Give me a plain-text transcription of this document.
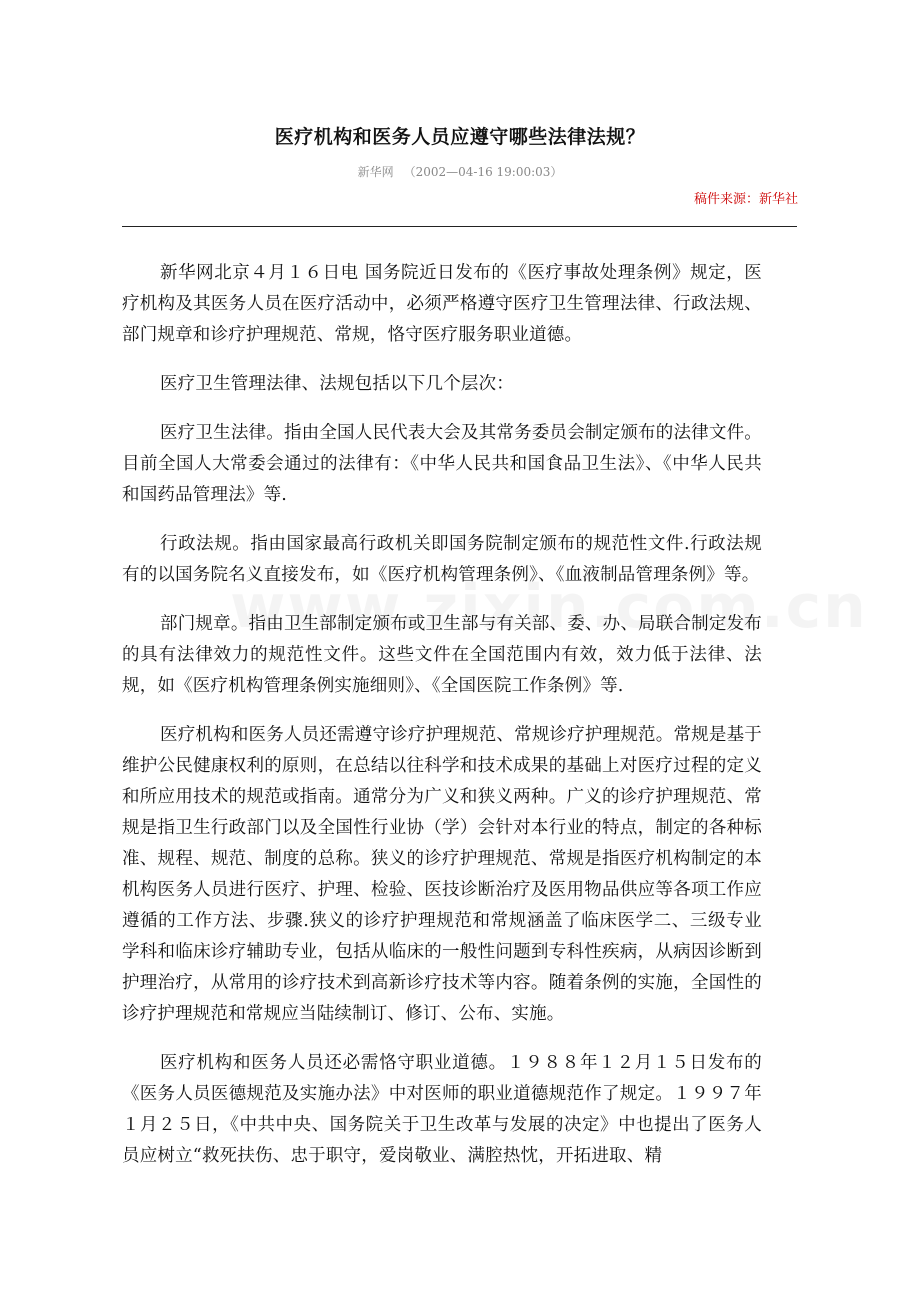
医疗机构和医务人员应遵守哪些法律法规？
新华网 （2002—04-16 19:00:03）
稿件来源：新华社

新华网北京４月１６日电 国务院近日发布的《医疗事故处理条例》规定，医疗机构及其医务人员在医疗活动中，必须严格遵守医疗卫生管理法律、行政法规、部门规章和诊疗护理规范、常规，恪守医疗服务职业道德。

医疗卫生管理法律、法规包括以下几个层次：

医疗卫生法律。指由全国人民代表大会及其常务委员会制定颁布的法律文件。目前全国人大常委会通过的法律有：《中华人民共和国食品卫生法》、《中华人民共和国药品管理法》等.

行政法规。指由国家最高行政机关即国务院制定颁布的规范性文件.行政法规有的以国务院名义直接发布，如《医疗机构管理条例》、《血液制品管理条例》等。

部门规章。指由卫生部制定颁布或卫生部与有关部、委、办、局联合制定发布的具有法律效力的规范性文件。这些文件在全国范围内有效，效力低于法律、法规，如《医疗机构管理条例实施细则》、《全国医院工作条例》等.

医疗机构和医务人员还需遵守诊疗护理规范、常规诊疗护理规范。常规是基于维护公民健康权利的原则，在总结以往科学和技术成果的基础上对医疗过程的定义和所应用技术的规范或指南。通常分为广义和狭义两种。广义的诊疗护理规范、常规是指卫生行政部门以及全国性行业协（学）会针对本行业的特点，制定的各种标准、规程、规范、制度的总称。狭义的诊疗护理规范、常规是指医疗机构制定的本机构医务人员进行医疗、护理、检验、医技诊断治疗及医用物品供应等各项工作应遵循的工作方法、步骤.狭义的诊疗护理规范和常规涵盖了临床医学二、三级专业学科和临床诊疗辅助专业，包括从临床的一般性问题到专科性疾病，从病因诊断到护理治疗，从常用的诊疗技术到高新诊疗技术等内容。随着条例的实施，全国性的诊疗护理规范和常规应当陆续制订、修订、公布、实施。

医疗机构和医务人员还必需恪守职业道德。１９８８年１２月１５日发布的《医务人员医德规范及实施办法》中对医师的职业道德规范作了规定。１９９７年１月２５日，《中共中央、国务院关于卫生改革与发展的决定》中也提出了医务人员应树立“救死扶伤、忠于职守，爱岗敬业、满腔热忱，开拓进取、精
